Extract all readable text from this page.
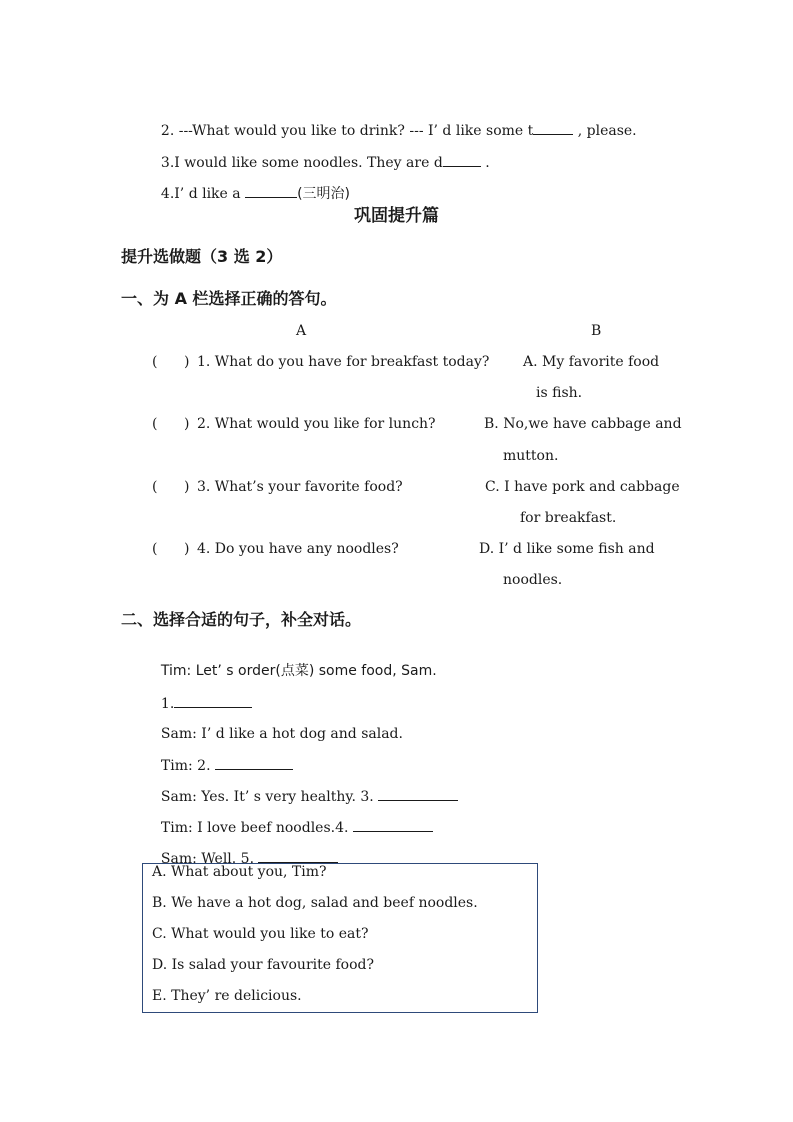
2. ---What would you like to drink? --- I’ d like some t	, please.

3.I would like some noodles. They are d	.

4.I’ d like a	(三明治)

巩固提升篇
提升选做题（3 选 2）
一、为 A 栏选择正确的答句。
A	B
( ) 1. What do you have for breakfast today? A. My favorite food
is fish.
( ) 2. What would you like for lunch?	B. No,we have cabbage and
mutton.
( ) 3. What’s your favorite food?	C. I have pork and cabbage
for breakfast.
( ) 4. Do you have any noodles?	D. I’ d like some fish and
noodles.
二、选择合适的句子，补全对话。

Tim: Let’ s order(点菜) some food, Sam.

1.

Sam: I’ d like a hot dog and salad.

Tim: 2.

Sam: Yes. It’ s very healthy. 3.

Tim: I love beef noodles.4.

Sam: Well. 5.

A. What about you, Tim?
B. We have a hot dog, salad and beef noodles.
C. What would you like to eat?
D. Is salad your favourite food?
E. They’ re delicious.
